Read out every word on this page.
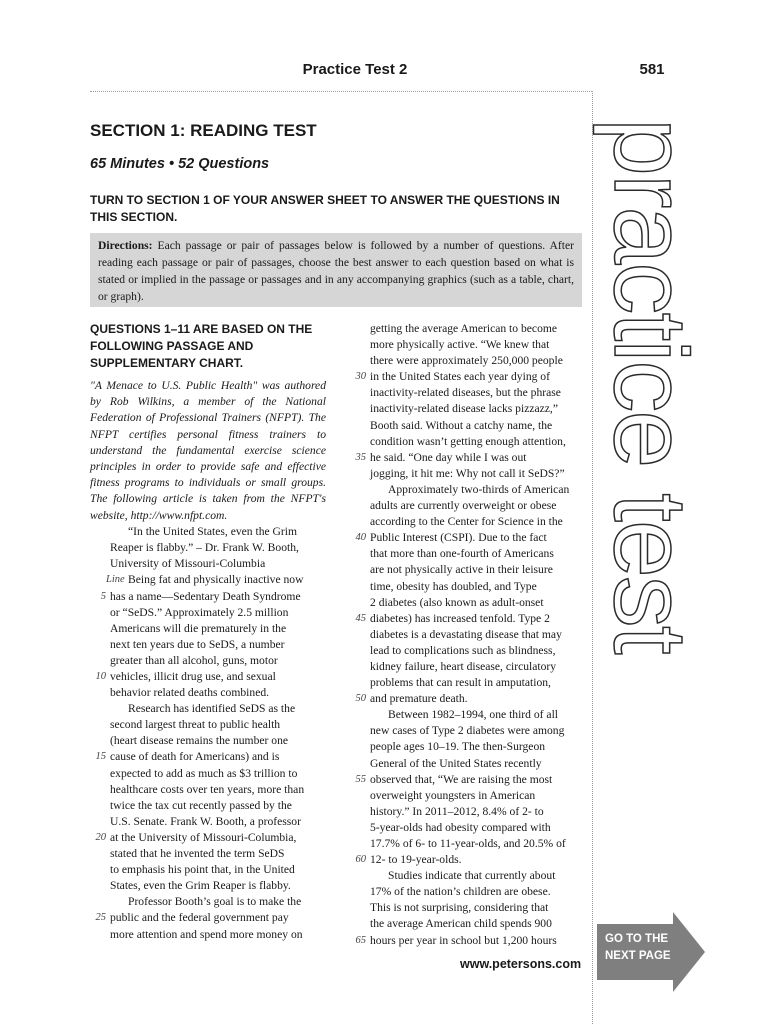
Practice Test 2	581
practice test
SECTION 1: READING TEST
65 Minutes • 52 Questions
TURN TO SECTION 1 OF YOUR ANSWER SHEET TO ANSWER THE QUESTIONS IN THIS SECTION.
Directions: Each passage or pair of passages below is followed by a number of questions. After reading each passage or pair of passages, choose the best answer to each question based on what is stated or implied in the passage or passages and in any accompanying graphics (such as a table, chart, or graph).
QUESTIONS 1–11 ARE BASED ON THE FOLLOWING PASSAGE AND SUPPLEMENTARY CHART.

"A Menace to U.S. Public Health" was authored by Rob Wilkins, a member of the National Federation of Professional Trainers (NFPT). The NFPT certifies personal fitness trainers to understand the fundamental exercise science principles in order to provide safe and effective fitness programs to individuals or small groups. The following article is taken from the NFPT's website, http://www.nfpt.com.

“In the United States, even the Grim
Reaper is flabby.” – Dr. Frank W. Booth,
University of Missouri-Columbia
Line Being fat and physically inactive now
5 has a name—Sedentary Death Syndrome
or “SeDS.” Approximately 2.5 million
Americans will die prematurely in the
next ten years due to SeDS, a number
greater than all alcohol, guns, motor
10 vehicles, illicit drug use, and sexual
behavior related deaths combined.
Research has identified SeDS as the
second largest threat to public health
(heart disease remains the number one
15 cause of death for Americans) and is
expected to add as much as $3 trillion to
healthcare costs over ten years, more than
twice the tax cut recently passed by the
U.S. Senate. Frank W. Booth, a professor
20 at the University of Missouri-Columbia,
stated that he invented the term SeDS
to emphasis his point that, in the United
States, even the Grim Reaper is flabby.
Professor Booth’s goal is to make the
25 public and the federal government pay
more attention and spend more money on
getting the average American to become
more physically active. “We knew that
there were approximately 250,000 people
30 in the United States each year dying of
inactivity-related diseases, but the phrase
inactivity-related disease lacks pizzazz,”
Booth said. Without a catchy name, the
condition wasn’t getting enough attention,
35 he said. “One day while I was out
jogging, it hit me: Why not call it SeDS?”
Approximately two-thirds of American
adults are currently overweight or obese
according to the Center for Science in the
40 Public Interest (CSPI). Due to the fact
that more than one-fourth of Americans
are not physically active in their leisure
time, obesity has doubled, and Type
2 diabetes (also known as adult-onset
45 diabetes) has increased tenfold. Type 2
diabetes is a devastating disease that may
lead to complications such as blindness,
kidney failure, heart disease, circulatory
problems that can result in amputation,
50 and premature death.
Between 1982–1994, one third of all
new cases of Type 2 diabetes were among
people ages 10–19. The then-Surgeon
General of the United States recently
55 observed that, “We are raising the most
overweight youngsters in American
history.” In 2011–2012, 8.4% of 2- to
5-year-olds had obesity compared with
17.7% of 6- to 11-year-olds, and 20.5% of
60 12- to 19-year-olds.
Studies indicate that currently about
17% of the nation’s children are obese.
This is not surprising, considering that
the average American child spends 900
65 hours per year in school but 1,200 hours
www.petersons.com
GO TO THE
NEXT PAGE
